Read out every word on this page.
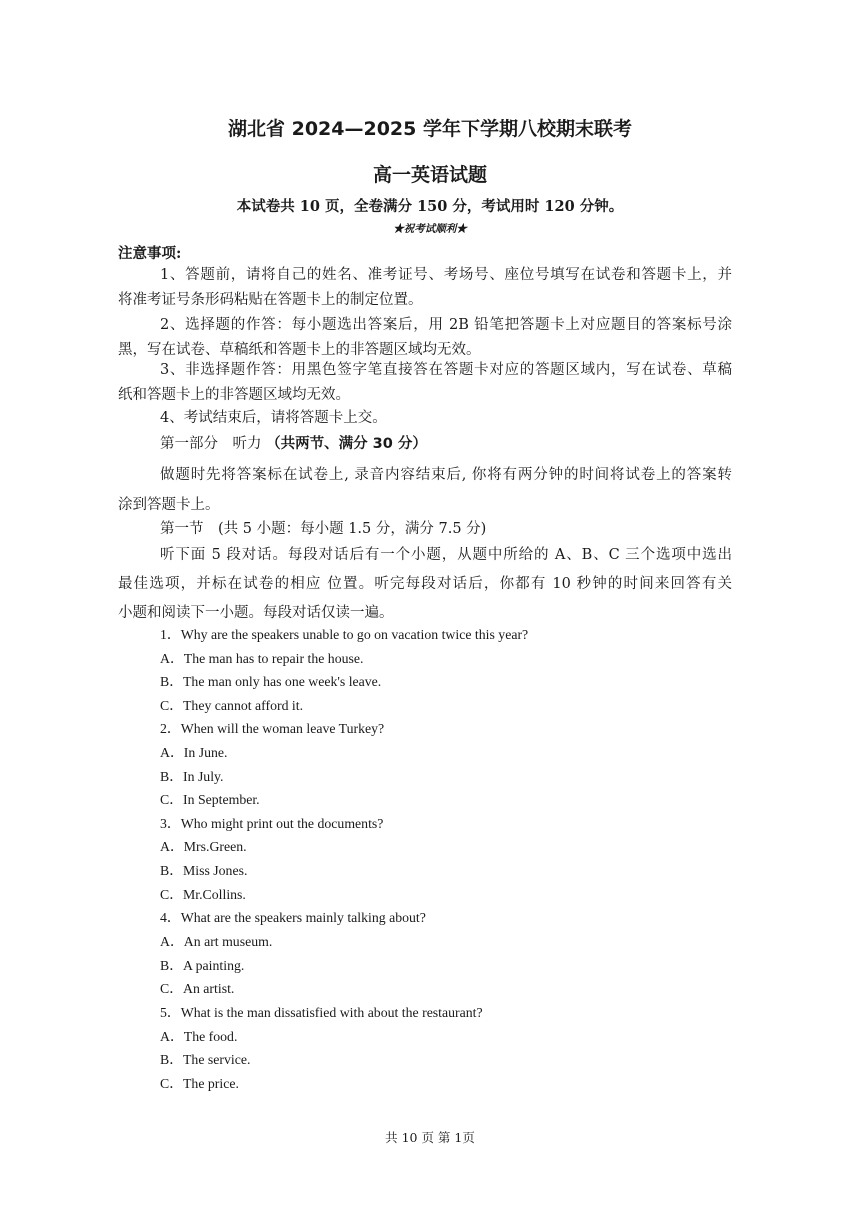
湖北省 2024—2025 学年下学期八校期末联考
高一英语试题
本试卷共 10 页，全卷满分 150 分，考试用时 120 分钟。
★祝考试顺利★
注意事项:
1、答题前，请将自己的姓名、准考证号、考场号、座位号填写在试卷和答题卡上，并
将准考证号条形码粘贴在答题卡上的制定位置。
2、选择题的作答：每小题选出答案后，用 2B 铅笔把答题卡上对应题目的答案标号涂
黑，写在试卷、草稿纸和答题卡上的非答题区域均无效。
3、非选择题作答：用黑色签字笔直接答在答题卡对应的答题区域内，写在试卷、草稿
纸和答题卡上的非答题区域均无效。
4、考试结束后，请将答题卡上交。
第一部分　听力 （共两节、满分 30 分）
做题时先将答案标在试卷上, 录音内容结束后, 你将有两分钟的时间将试卷上的答案转
涂到答题卡上。
第一节　(共 5 小题：每小题 1.5 分，满分 7.5 分)
听下面 5 段对话。每段对话后有一个小题，从题中所给的 A、B、C 三个选项中选出
最佳选项，并标在试卷的相应 位置。听完每段对话后，你都有 10 秒钟的时间来回答有关
小题和阅读下一小题。每段对话仅读一遍。
1．Why are the speakers unable to go on vacation twice this year?
A．The man has to repair the house.
B．The man only has one week's leave.
C．They cannot afford it.
2．When will the woman leave Turkey?
A．In June.
B．In July.
C．In September.
3．Who might print out the documents?
A．Mrs.Green.
B．Miss Jones.
C．Mr.Collins.
4．What are the speakers mainly talking about?
A．An art museum.
B．A painting.
C．An artist.
5．What is the man dissatisfied with about the restaurant?
A．The food.
B．The service.
C．The price.
共 10 页 第 1页
